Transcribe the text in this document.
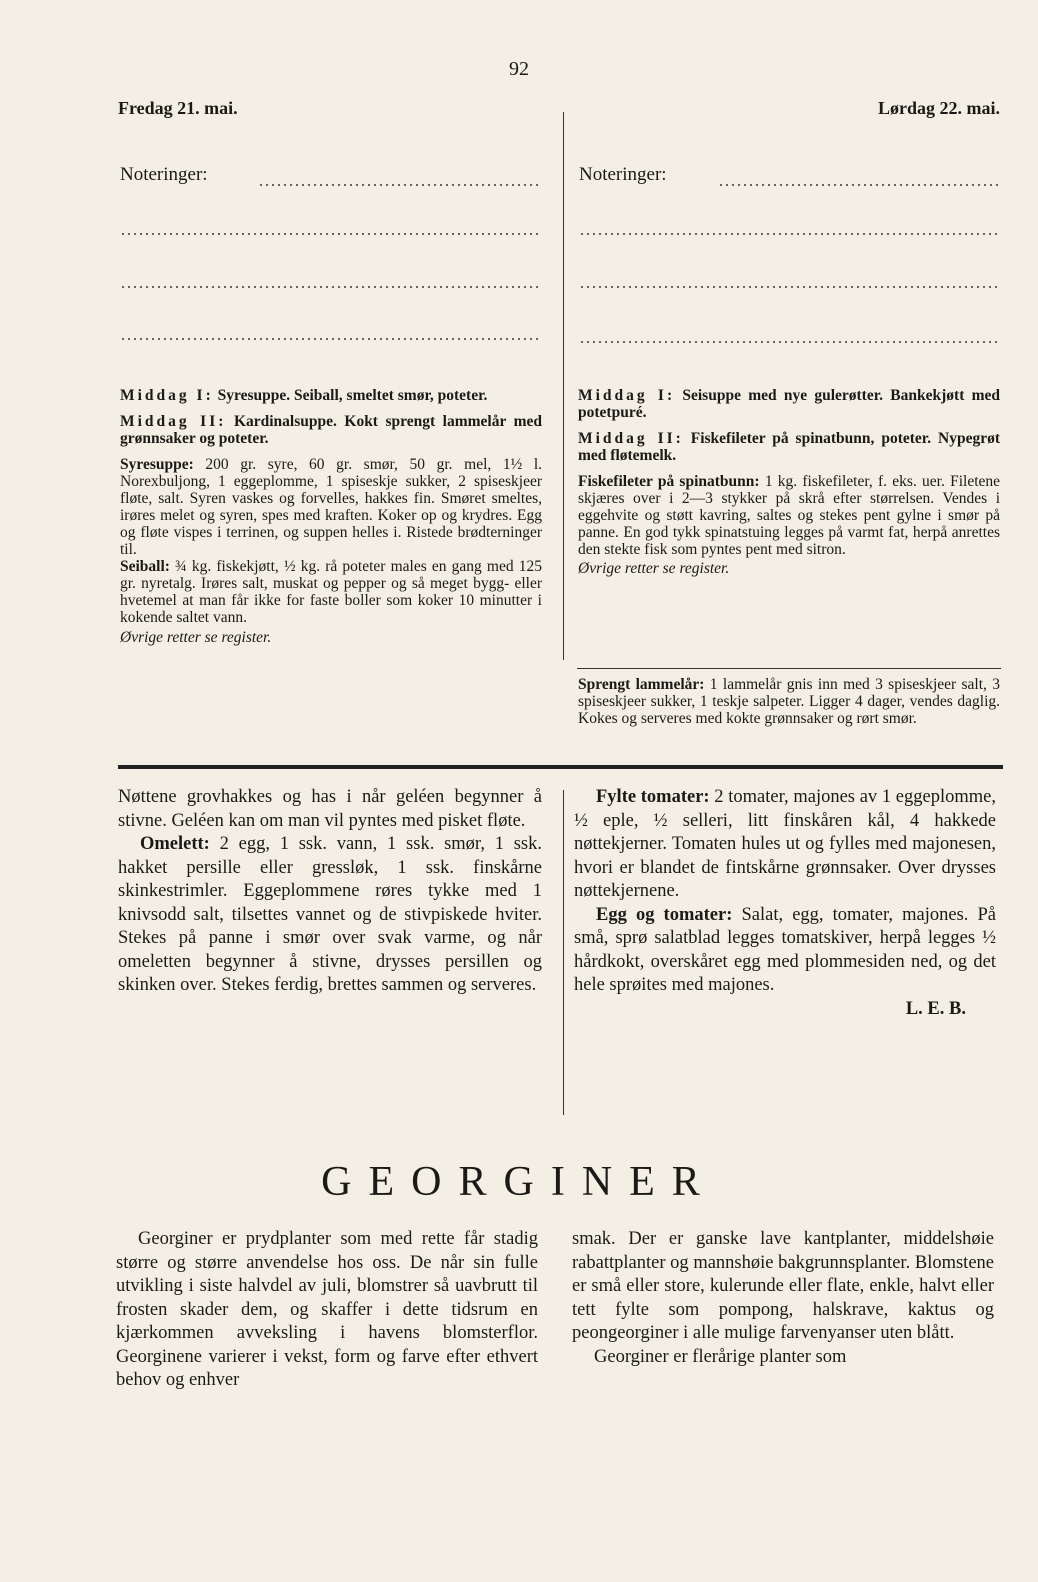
92
Fredag 21. mai.	Lørdag 22. mai.
Noteringer:	Noteringer:

Middag I: Syresuppe. Seiball, smeltet smør, poteter.

Middag II: Kardinalsuppe. Kokt sprengt lammelår med grønnsaker og poteter.

Syresuppe: 200 gr. syre, 60 gr. smør, 50 gr. mel, 1½ l. Norexbuljong, 1 eggeplomme, 1 spiseskje sukker, 2 spiseskjeer fløte, salt. Syren vaskes og forvelles, hakkes fin. Smøret smeltes, irøres melet og syren, spes med kraften. Koker op og krydres. Egg og fløte vispes i terrinen, og suppen helles i. Ristede brødterninger til.

Seiball: ¾ kg. fiskekjøtt, ½ kg. rå poteter males en gang med 125 gr. nyretalg. Irøres salt, muskat og pepper og så meget bygg- eller hvetemel at man får ikke for faste boller som koker 10 minutter i kokende saltet vann.

Øvrige retter se register.

Middag I: Seisuppe med nye gulerøtter. Bankekjøtt med potetpuré.

Middag II: Fiskefileter på spinatbunn, poteter. Nypegrøt med fløtemelk.

Fiskefileter på spinatbunn: 1 kg. fiskefileter, f. eks. uer. Filetene skjæres over i 2—3 stykker på skrå efter størrelsen. Vendes i eggehvite og støtt kavring, saltes og stekes pent gylne i smør på panne. En god tykk spinatstuing legges på varmt fat, herpå anrettes den stekte fisk som pyntes pent med sitron.

Øvrige retter se register.

Sprengt lammelår: 1 lammelår gnis inn med 3 spiseskjeer salt, 3 spiseskjeer sukker, 1 teskje salpeter. Ligger 4 dager, vendes daglig. Kokes og serveres med kokte grønnsaker og rørt smør.

Nøttene grovhakkes og has i når geléen begynner å stivne. Geléen kan om man vil pyntes med pisket fløte.

Omelett: 2 egg, 1 ssk. vann, 1 ssk. smør, 1 ssk. hakket persille eller gressløk, 1 ssk. finskårne skinkestrimler. Eggeplommene røres tykke med 1 knivsodd salt, tilsettes vannet og de stivpiskede hviter. Stekes på panne i smør over svak varme, og når omeletten begynner å stivne, drysses persillen og skinken over. Stekes ferdig, brettes sammen og serveres.

Fylte tomater: 2 tomater, majones av 1 eggeplomme, ½ eple, ½ selleri, litt finskåren kål, 4 hakkede nøttekjerner. Tomaten hules ut og fylles med majonesen, hvori er blandet de fintskårne grønnsaker. Over drysses nøttekjernene.

Egg og tomater: Salat, egg, tomater, majones. På små, sprø salatblad legges tomatskiver, herpå legges ½ hårdkokt, overskåret egg med plommesiden ned, og det hele sprøites med majones.

L. E. B.

GEORGINER

Georginer er prydplanter som med rette får stadig større og større anvendelse hos oss. De når sin fulle utvikling i siste halvdel av juli, blomstrer så uavbrutt til frosten skader dem, og skaffer i dette tidsrum en kjærkommen avveksling i havens blomsterflor. Georginene varierer i vekst, form og farve efter ethvert behov og enhver

smak. Der er ganske lave kantplanter, middelshøie rabattplanter og mannshøie bakgrunnsplanter. Blomstene er små eller store, kulerunde eller flate, enkle, halvt eller tett fylte som pompong, halskrave, kaktus og peongeorginer i alle mulige farvenyanser uten blått.

Georginer er flerårige planter som
